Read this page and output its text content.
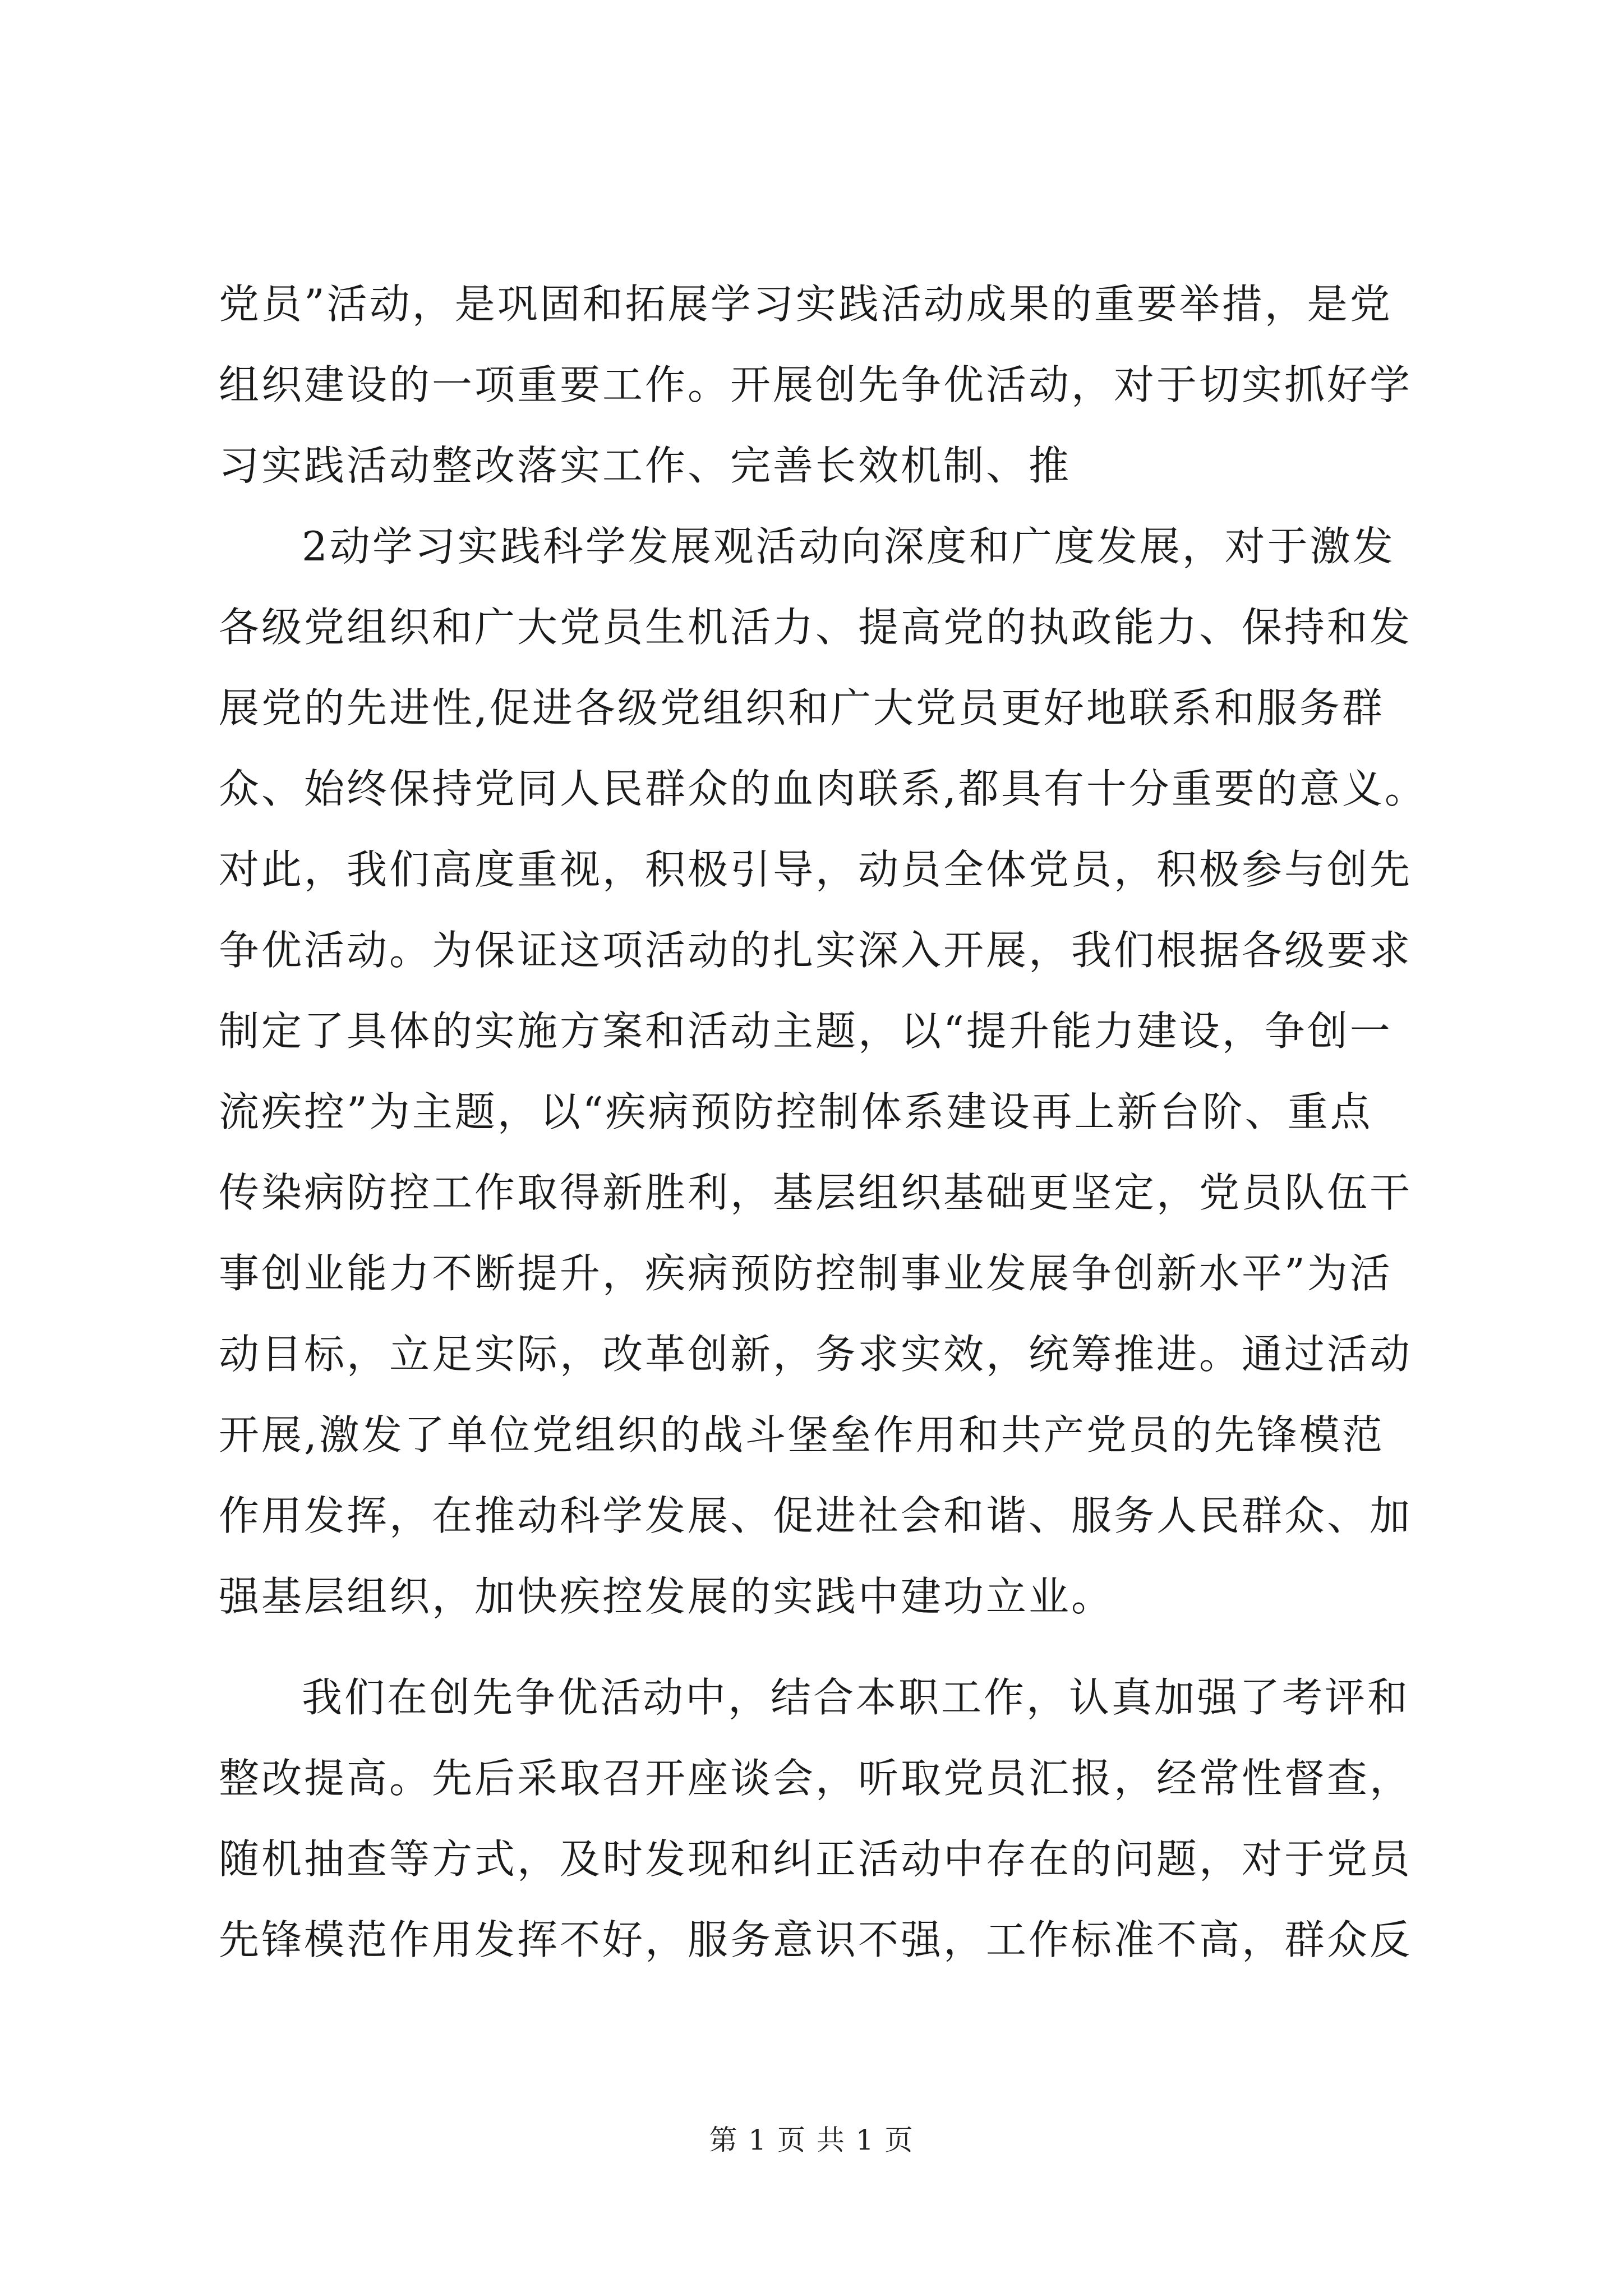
党员”活动，是巩固和拓展学习实践活动成果的重要举措，是党
组织建设的一项重要工作。开展创先争优活动，对于切实抓好学
习实践活动整改落实工作、完善长效机制、推
2动学习实践科学发展观活动向深度和广度发展，对于激发
各级党组织和广大党员生机活力、提高党的执政能力、保持和发
展党的先进性,促进各级党组织和广大党员更好地联系和服务群
众、始终保持党同人民群众的血肉联系,都具有十分重要的意义。
对此，我们高度重视，积极引导，动员全体党员，积极参与创先
争优活动。为保证这项活动的扎实深入开展，我们根据各级要求
制定了具体的实施方案和活动主题，以“提升能力建设，争创一
流疾控”为主题，以“疾病预防控制体系建设再上新台阶、重点
传染病防控工作取得新胜利，基层组织基础更坚定，党员队伍干
事创业能力不断提升，疾病预防控制事业发展争创新水平”为活
动目标，立足实际，改革创新，务求实效，统筹推进。通过活动
开展,激发了单位党组织的战斗堡垒作用和共产党员的先锋模范
作用发挥，在推动科学发展、促进社会和谐、服务人民群众、加
强基层组织，加快疾控发展的实践中建功立业。
我们在创先争优活动中，结合本职工作，认真加强了考评和
整改提高。先后采取召开座谈会，听取党员汇报，经常性督查，
随机抽查等方式，及时发现和纠正活动中存在的问题，对于党员
先锋模范作用发挥不好，服务意识不强，工作标准不高，群众反
第 1 页 共 1 页
